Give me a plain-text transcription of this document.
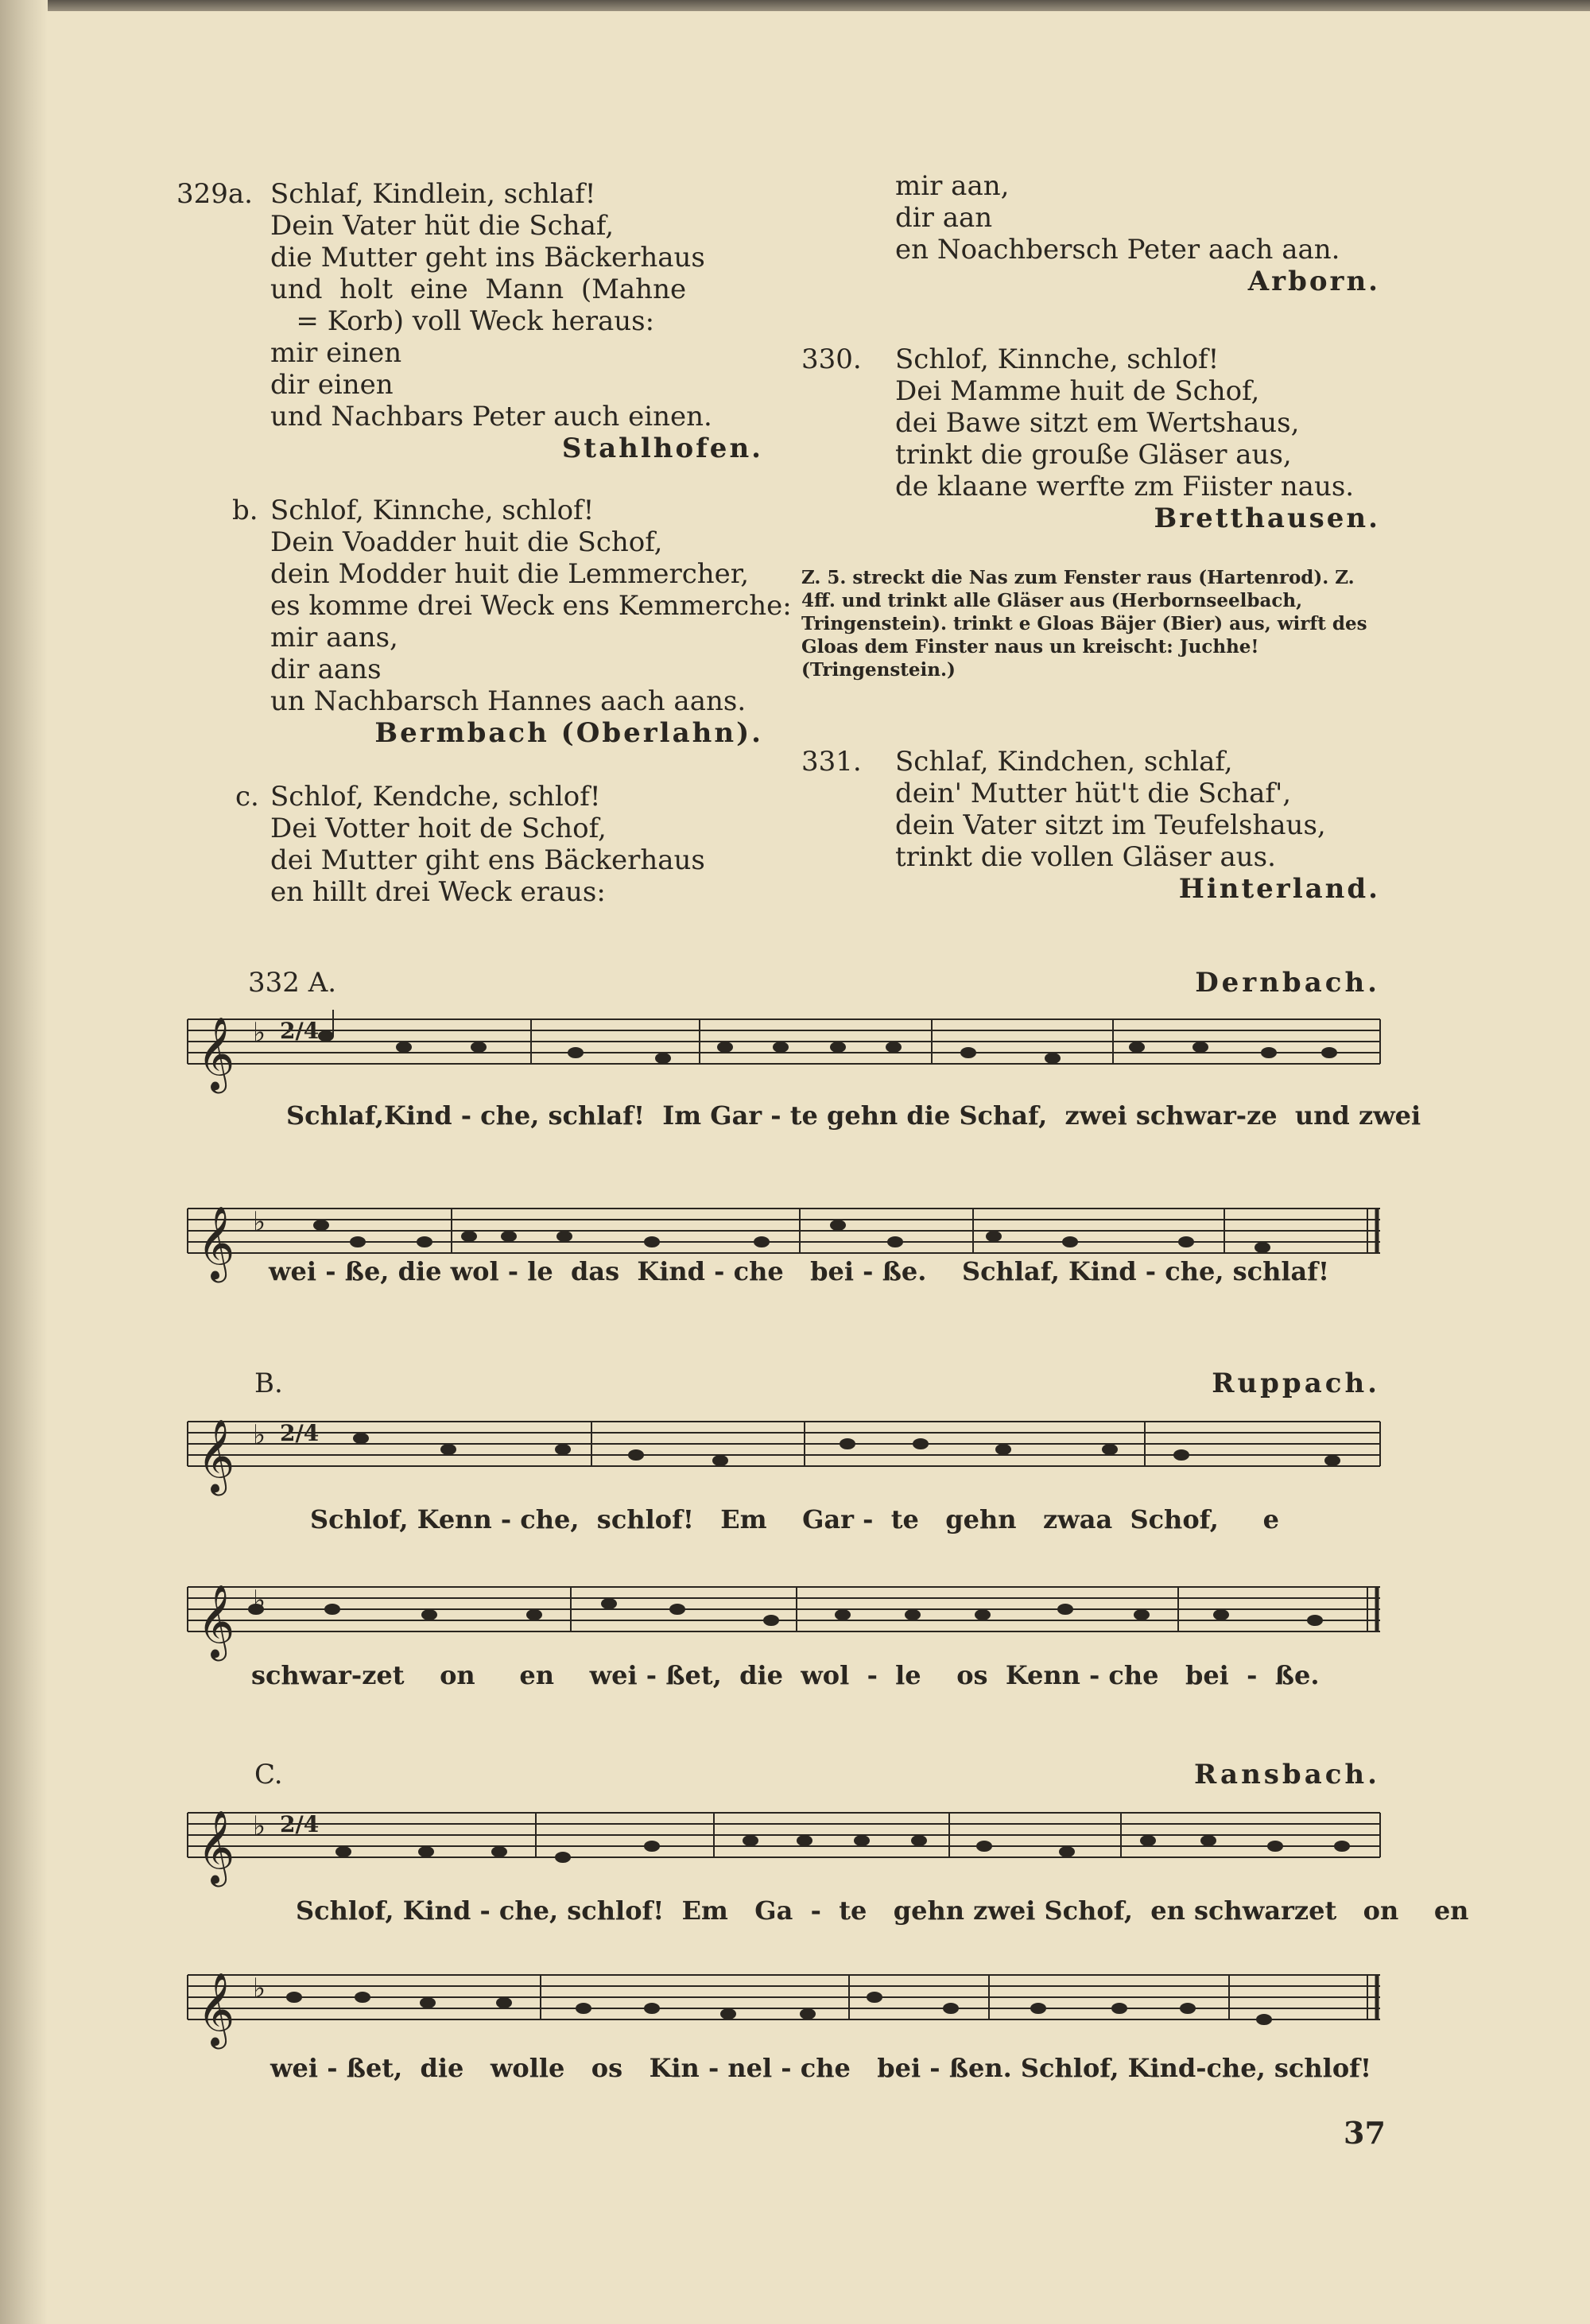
329a. Schlaf, Kindlein, schlaf!
Dein Vater hüt die Schaf,
die Mutter geht ins Bäckerhaus
und  holt  eine  Mann  (Mahne
= Korb) voll Weck heraus:
mir einen
dir einen
und Nachbars Peter auch einen.
Stahlhofen.
b. Schlof, Kinnche, schlof!
Dein Voadder huit die Schof,
dein Modder huit die Lemmercher,
es komme drei Weck ens Kemmerche:
mir aans,
dir aans
un Nachbarsch Hannes aach aans.
Bermbach (Oberlahn).
c. Schlof, Kendche, schlof!
Dei Votter hoit de Schof,
dei Mutter giht ens Bäckerhaus
en hillt drei Weck eraus:
mir aan,
dir aan
en Noachbersch Peter aach aan.
Arborn.
330. Schlof, Kinnche, schlof!
Dei Mamme huit de Schof,
dei Bawe sitzt em Wertshaus,
trinkt die grouße Gläser aus,
de klaane werfte zm Fiister naus.
Bretthausen.
Z. 5. streckt die Nas zum Fenster raus (Hartenrod). Z. 4ff. und trinkt alle Gläser aus (Herbornseelbach, Tringenstein). trinkt e Gloas Bäjer (Bier) aus, wirft des Gloas dem Finster naus un kreischt: Juchhe! (Tringenstein.)
331. Schlaf, Kindchen, schlaf,
dein' Mutter hüt't die Schaf',
dein Vater sitzt im Teufelshaus,
trinkt die vollen Gläser aus.
Hinterland.
332 A.	Dernbach.
𝄞 ♭ 2/4
𝄞 ♭
𝄞 ♭ 2/4
𝄞 ♭
𝄞 ♭ 2/4
𝄞 ♭
Schlaf,Kind - che, schlaf!  Im Gar - te gehn die Schaf,  zwei schwar-ze  und zwei
wei - ße, die wol - le  das  Kind - che   bei - ße.    Schlaf, Kind - che, schlaf!
B.	Ruppach.
Schlof, Kenn - che,  schlof!   Em    Gar -  te   gehn   zwaa  Schof,     e
schwar-zet    on     en    wei - ßet,  die  wol  -  le    os  Kenn - che   bei  -  ße.
C.	Ransbach.
Schlof, Kind - che, schlof!  Em   Ga  -  te   gehn zwei Schof,  en schwarzet   on    en
wei - ßet,  die   wolle   os   Kin - nel - che   bei - ßen. Schlof, Kind-che, schlof!
37
